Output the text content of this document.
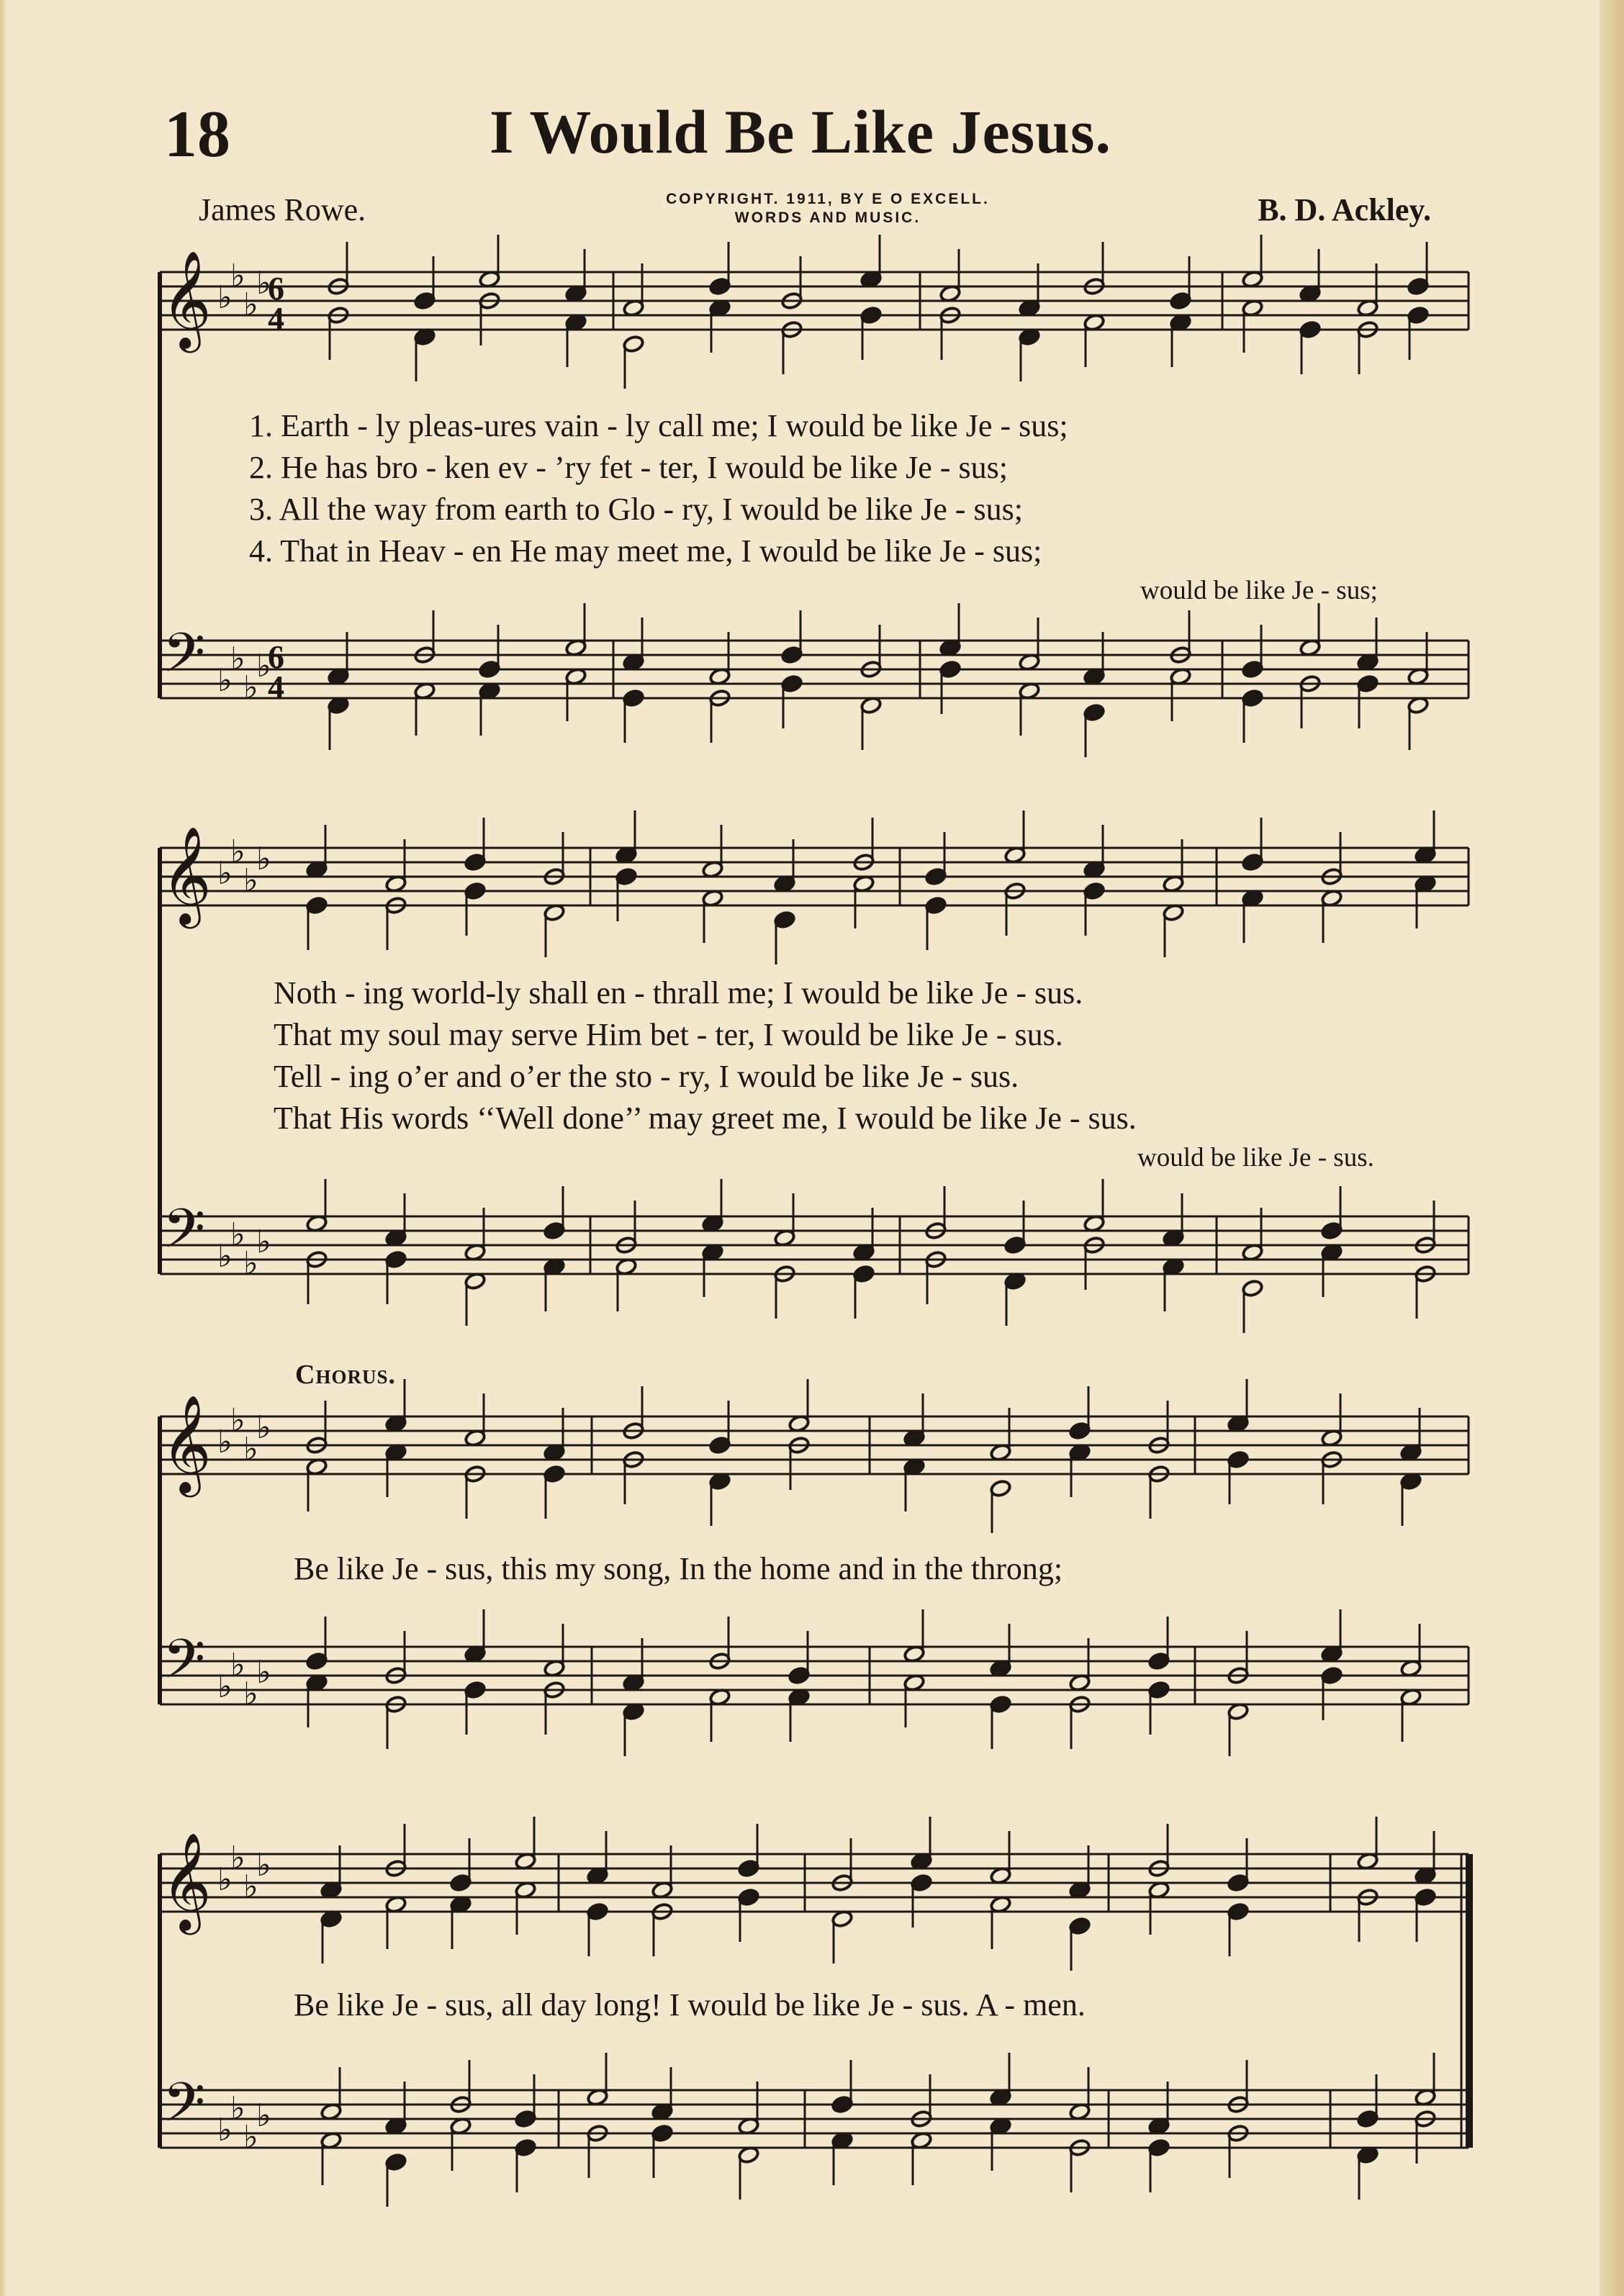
18	I Would Be Like Jesus.
James Rowe.	COPYRIGHT. 1911, BY E O EXCELL.
WORDS AND MUSIC.	B. D. Ackley.
𝄞 ♭
♭
♭
♭
6
4
𝄢 ♭
♭
♭
♭
6
4
𝄞 ♭
♭
♭
♭
𝄢 ♭
♭
♭
♭
𝄞 ♭
♭
♭
♭
𝄢 ♭
♭
♭
♭
𝄞 ♭
♭
♭
♭
𝄢 ♭
♭
♭
♭
1. Earth - ly pleas-ures vain - ly call me; I would be like Je - sus;
2. He has bro - ken ev - ’ry fet - ter, I would be like Je - sus;
3. All the way from earth to Glo - ry, I would be like Je - sus;
4. That in Heav - en He may meet me, I would be like Je - sus;
would be like Je - sus;
Noth - ing world-ly shall en - thrall me; I would be like Je - sus.
That my soul may serve Him bet - ter, I would be like Je - sus.
Tell - ing o’er and o’er the sto - ry, I would be like Je - sus.
That His words ‘‘Well done’’ may greet me, I would be like Je - sus.
would be like Je - sus.
Chorus.
Be like Je - sus, this my song, In the home and in the throng;
Be like Je - sus, all day long! I would be like Je - sus. A - men.
